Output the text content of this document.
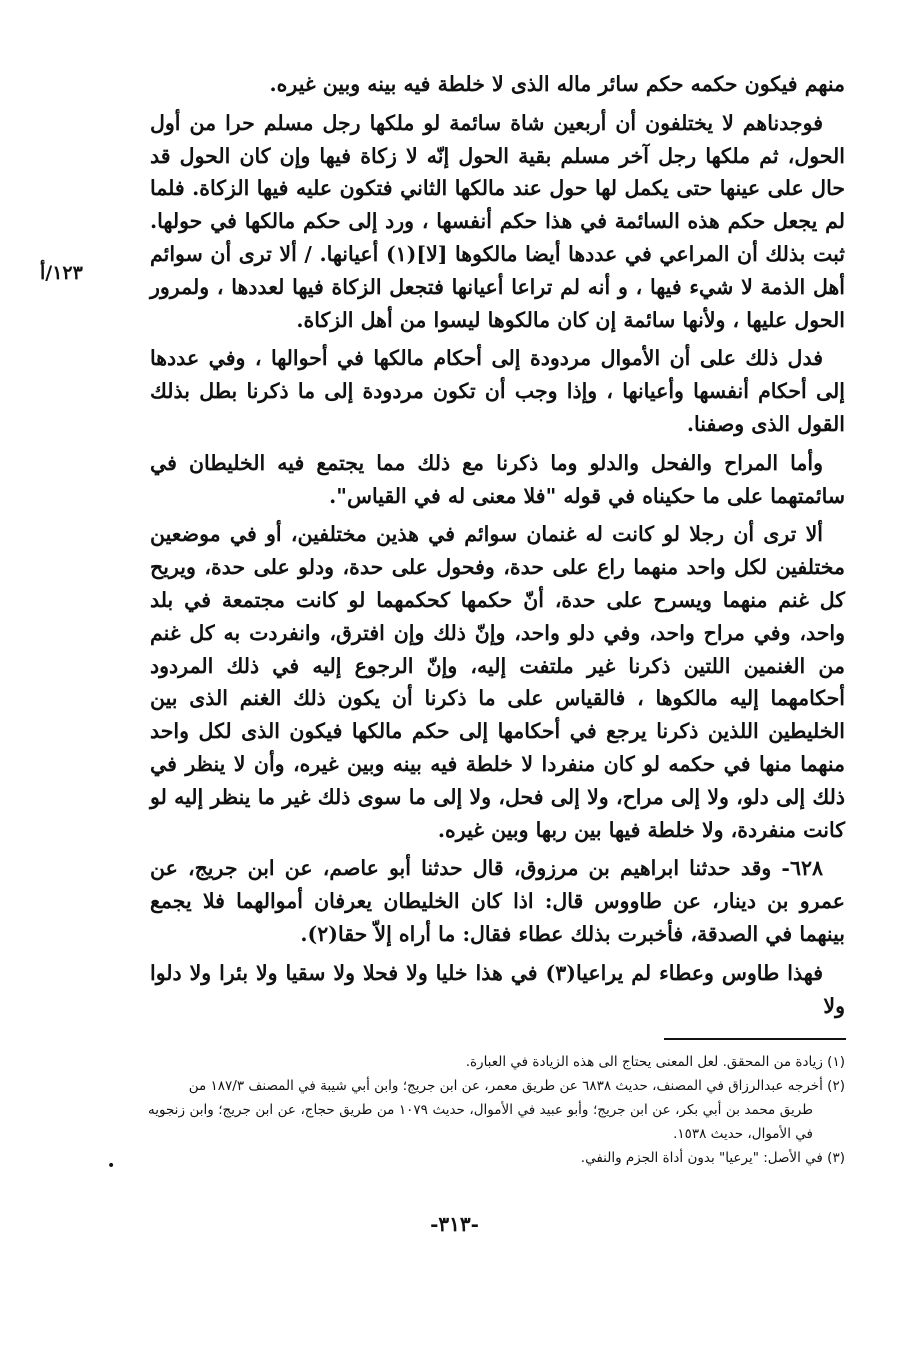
١٢٣/أ

منهم فيكون حكمه حكم سائر ماله الذى لا خلطة فيه بينه وبين غيره.

فوجدناهم لا يختلفون أن أربعين شاة سائمة لو ملكها رجل مسلم حرا من أول الحول، ثم ملكها رجل آخر مسلم بقية الحول إنّه لا زكاة فيها وإن كان الحول قد حال على عينها حتى يكمل لها حول عند مالكها الثاني فتكون عليه فيها الزكاة. فلما لم يجعل حكم هذه السائمة في هذا حكم أنفسها ، ورد إلى حكم مالكها في حولها. ثبت بذلك أن المراعي في عددها أيضا مالكوها [لا](١) أعيانها. / ألا ترى أن سوائم أهل الذمة لا شيء فيها ، و أنه لم تراعا أعيانها فتجعل الزكاة فيها لعددها ، ولمرور الحول عليها ، ولأنها سائمة إن كان مالكوها ليسوا من أهل الزكاة.

فدل ذلك على أن الأموال مردودة إلى أحكام مالكها في أحوالها ، وفي عددها إلى أحكام أنفسها وأعيانها ، وإذا وجب أن تكون مردودة إلى ما ذكرنا بطل بذلك القول الذى وصفنا.

وأما المراح والفحل والدلو وما ذكرنا مع ذلك مما يجتمع فيه الخليطان في سائمتهما على ما حكيناه في قوله "فلا معنى له في القياس".

ألا ترى أن رجلا لو كانت له غنمان سوائم في هذين مختلفين، أو في موضعين مختلفين لكل واحد منهما راع على حدة، وفحول على حدة، ودلو على حدة، ويريح كل غنم منهما ويسرح على حدة، أنّ حكمها كحكمهما لو كانت مجتمعة في بلد واحد، وفي مراح واحد، وفي دلو واحد، وإنّ ذلك وإن افترق، وانفردت به كل غنم من الغنمين اللتين ذكرنا غير ملتفت إليه، وإنّ الرجوع إليه في ذلك المردود أحكامهما إليه مالكوها ، فالقياس على ما ذكرنا أن يكون ذلك الغنم الذى بين الخليطين اللذين ذكرنا يرجع في أحكامها إلى حكم مالكها فيكون الذى لكل واحد منهما منها في حكمه لو كان منفردا لا خلطة فيه بينه وبين غيره، وأن لا ينظر في ذلك إلى دلو، ولا إلى مراح، ولا إلى فحل، ولا إلى ما سوى ذلك غير ما ينظر إليه لو كانت منفردة، ولا خلطة فيها بين ربها وبين غيره.

٦٢٨- وقد حدثنا ابراهيم بن مرزوق، قال حدثنا أبو عاصم، عن ابن جريج، عن عمرو بن دينار، عن طاووس قال: اذا كان الخليطان يعرفان أموالهما فلا يجمع بينهما في الصدقة، فأخبرت بذلك عطاء فقال: ما أراه إلاّ حقا(٢).

فهذا طاوس وعطاء لم يراعيا(٣) في هذا خليا ولا فحلا ولا سقيا ولا بئرا ولا دلوا ولا

(١) زيادة من المحقق. لعل المعنى يحتاج الى هذه الزيادة في العبارة.

(٢) أخرجه عبدالرزاق في المصنف، حديث ٦٨٣٨ عن طريق معمر، عن ابن جريج؛ وابن أبي شيبة في المصنف ١٨٧/٣ من
طريق محمد بن أبي بكر، عن ابن جريج؛ وأبو عبيد في الأموال، حديث ١٠٧٩ من طريق حجاج، عن ابن جريج؛ وابن زنجويه في الأموال، حديث ١٥٣٨.

(٣) في الأصل: "يرعيا" بدون أداة الجزم والنفي.

•
-٣١٣-
